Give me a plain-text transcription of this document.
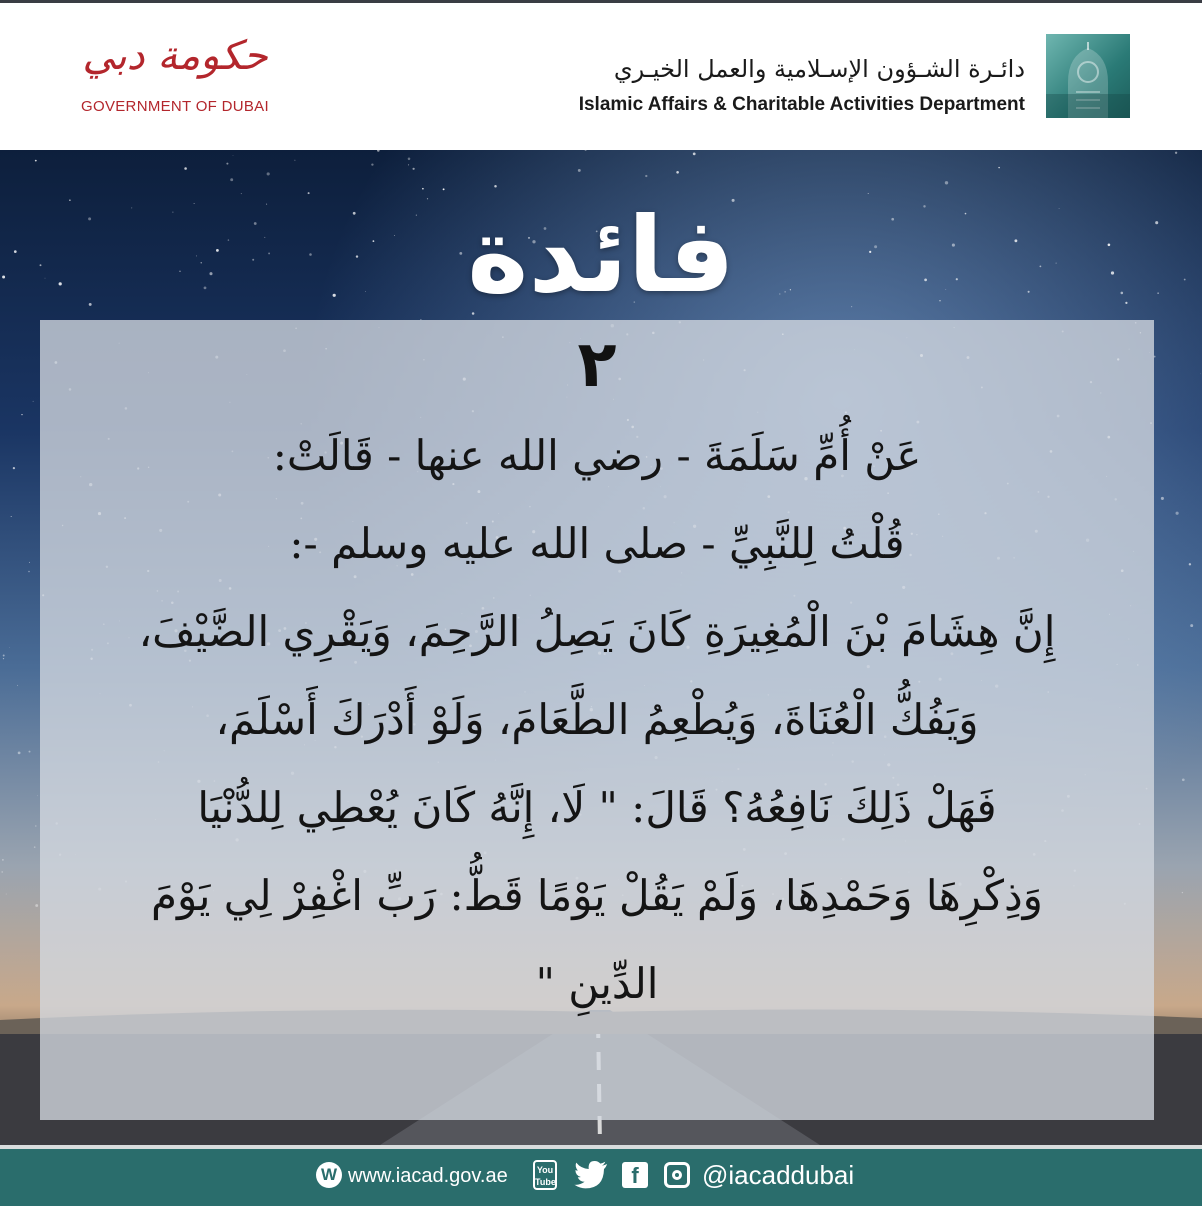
حكومة دبي
GOVERNMENT OF DUBAI
دائـرة الشـؤون الإسـلامية والعمل الخيـري
Islamic Affairs & Charitable Activities Department
فائدة
٢
عَنْ أُمِّ سَلَمَةَ - رضي الله عنها - قَالَتْ:
قُلْتُ لِلنَّبِيِّ - صلى الله عليه وسلم -:
إِنَّ هِشَامَ بْنَ الْمُغِيرَةِ كَانَ يَصِلُ الرَّحِمَ، وَيَقْرِي الضَّيْفَ،
وَيَفُكُّ الْعُنَاةَ، وَيُطْعِمُ الطَّعَامَ، وَلَوْ أَدْرَكَ أَسْلَمَ،
فَهَلْ ذَلِكَ نَافِعُهُ؟ قَالَ: " لَا، إِنَّهُ كَانَ يُعْطِي لِلدُّنْيَا
وَذِكْرِهَا وَحَمْدِهَا، وَلَمْ يَقُلْ يَوْمًا قَطُّ: رَبِّ اغْفِرْ لِي يَوْمَ
الدِّينِ "
W www.iacad.gov.ae	You Tube	f	@iacaddubai
